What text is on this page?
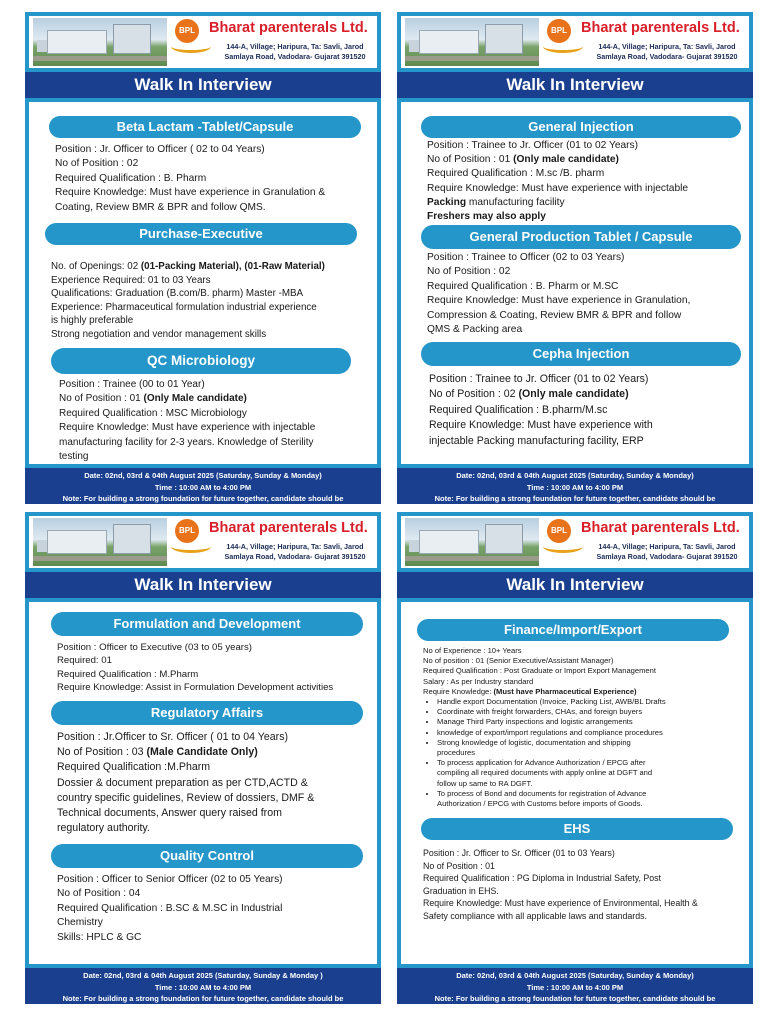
BPL Bharat parenterals Ltd.
144-A, Village; Haripura, Ta: Savli, Jarod
Samlaya Road, Vadodara- Gujarat 391520
Walk In Interview
Beta Lactam -Tablet/Capsule
Position : Jr. Officer to Officer ( 02 to 04 Years)
No of Position : 02
Required Qualification : B. Pharm
Require Knowledge: Must have experience in Granulation &
Coating, Review BMR & BPR and follow QMS.
Purchase-Executive
No. of Openings: 02 (01-Packing Material), (01-Raw Material)
Experience Required: 01 to 03 Years
Qualifications: Graduation (B.com/B. pharm) Master -MBA
Experience: Pharmaceutical formulation industrial experience
is highly preferable
Strong negotiation and vendor management skills
QC Microbiology
Position : Trainee (00 to 01 Year)
No of Position : 01 (Only Male candidate)
Required Qualification : MSC Microbiology
Require Knowledge: Must have experience with injectable
manufacturing facility for 2-3 years. Knowledge of Sterility
testing
Date: 02nd, 03rd & 04th August 2025 (Saturday, Sunday & Monday)
Time : 10:00 AM to 4:00 PM
Note: For building a strong foundation for future together, candidate should be
BPL Bharat parenterals Ltd.
144-A, Village; Haripura, Ta: Savli, Jarod
Samlaya Road, Vadodara- Gujarat 391520
Walk In Interview
General Injection
Position : Trainee to Jr. Officer (01 to 02 Years)
No of Position : 01 (Only male candidate)
Required Qualification : M.sc /B. pharm
Require Knowledge: Must have experience with injectable
Packing manufacturing facility
Freshers may also apply
General Production Tablet / Capsule
Position : Trainee to Officer (02 to 03 Years)
No of Position : 02
Required Qualification : B. Pharm or M.SC
Require Knowledge: Must have experience in Granulation,
Compression & Coating, Review BMR & BPR and follow
QMS & Packing area
Cepha Injection
Position : Trainee to Jr. Officer (01 to 02 Years)
No of Position : 02 (Only male candidate)
Required Qualification : B.pharm/M.sc
Require Knowledge: Must have experience with
injectable Packing manufacturing facility, ERP
Date: 02nd, 03rd & 04th August 2025 (Saturday, Sunday & Monday)
Time : 10:00 AM to 4:00 PM
Note: For building a strong foundation for future together, candidate should be
BPL Bharat parenterals Ltd.
144-A, Village; Haripura, Ta: Savli, Jarod
Samlaya Road, Vadodara- Gujarat 391520
Walk In Interview
Formulation and Development
Position : Officer to Executive (03 to 05 years)
Required: 01
Required Qualification : M.Pharm
Require Knowledge: Assist in Formulation Development activities
Regulatory Affairs
Position : Jr.Officer to Sr. Officer ( 01 to 04 Years)
No of Position : 03 (Male Candidate Only)
Required Qualification :M.Pharm
Dossier & document preparation as per CTD,ACTD &
country specific guidelines, Review of dossiers, DMF &
Technical documents, Answer query raised from
regulatory authority.
Quality Control
Position : Officer to Senior Officer (02 to 05 Years)
No of Position : 04
Required Qualification : B.SC & M.SC in Industrial
Chemistry
Skills: HPLC & GC
Date: 02nd, 03rd & 04th August 2025 (Saturday, Sunday & Monday )
Time : 10:00 AM to 4:00 PM
Note: For building a strong foundation for future together, candidate should be
BPL Bharat parenterals Ltd.
144-A, Village; Haripura, Ta: Savli, Jarod
Samlaya Road, Vadodara- Gujarat 391520
Walk In Interview
Finance/Import/Export
No of Experience : 10+ Years
No of position : 01 (Senior Executive/Assistant Manager)
Required Qualification : Post Graduate or Import Export Management
Salary : As per Industry standard
Require Knowledge: (Must have Pharmaceutical Experience)
• Handle export Documentation (Invoice, Packing List, AWB/BL Drafts
• Coordinate with freight forwarders, CHAs, and foreign buyers
• Manage Third Party inspections and logistic arrangements
• knowledge of export/import regulations and compliance procedures
• Strong knowledge of logistic, documentation and shipping
procedures
• To process application for Advance Authorization / EPCG after
compiling all required documents with apply online at DGFT and
follow up same to RA DGFT.
• To process of Bond and documents for registration of Advance
Authorization / EPCG with Customs before imports of Goods.
EHS
Position : Jr. Officer to Sr. Officer (01 to 03 Years)
No of Position : 01
Required Qualification : PG Diploma in Industrial Safety, Post
Graduation in EHS.
Require Knowledge: Must have experience of Environmental, Health &
Safety compliance with all applicable laws and standards.
Date: 02nd, 03rd & 04th August 2025 (Saturday, Sunday & Monday)
Time : 10:00 AM to 4:00 PM
Note: For building a strong foundation for future together, candidate should be
